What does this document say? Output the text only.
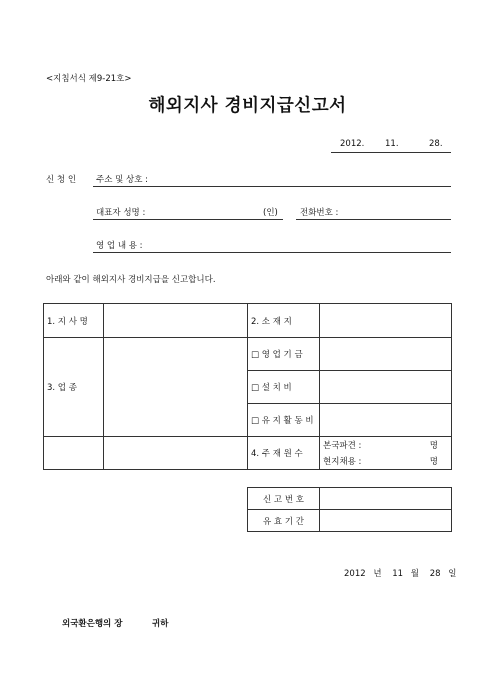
<지침서식 제9-21호>
해외지사 경비지급신고서
2012. 11.	28.
신 청 인 주소 및 상호 :
대표자 성명 :	(인)	전화번호 :
영 업 내 용 :
아래와 같이 해외지사 경비지급을 신고합니다.
1. 지 사 명		2. 소 재 지	
3. 업 종		□ 영 업 기 금	
		□ 설 치 비	
		□ 유 지 활 동 비	
		4. 주 재 원 수	본국파견 : 명
현지채용 : 명
신 고 번 호	
유 효 기 간	
2012 년 11 월 28 일
외국환은행의 장	귀하
